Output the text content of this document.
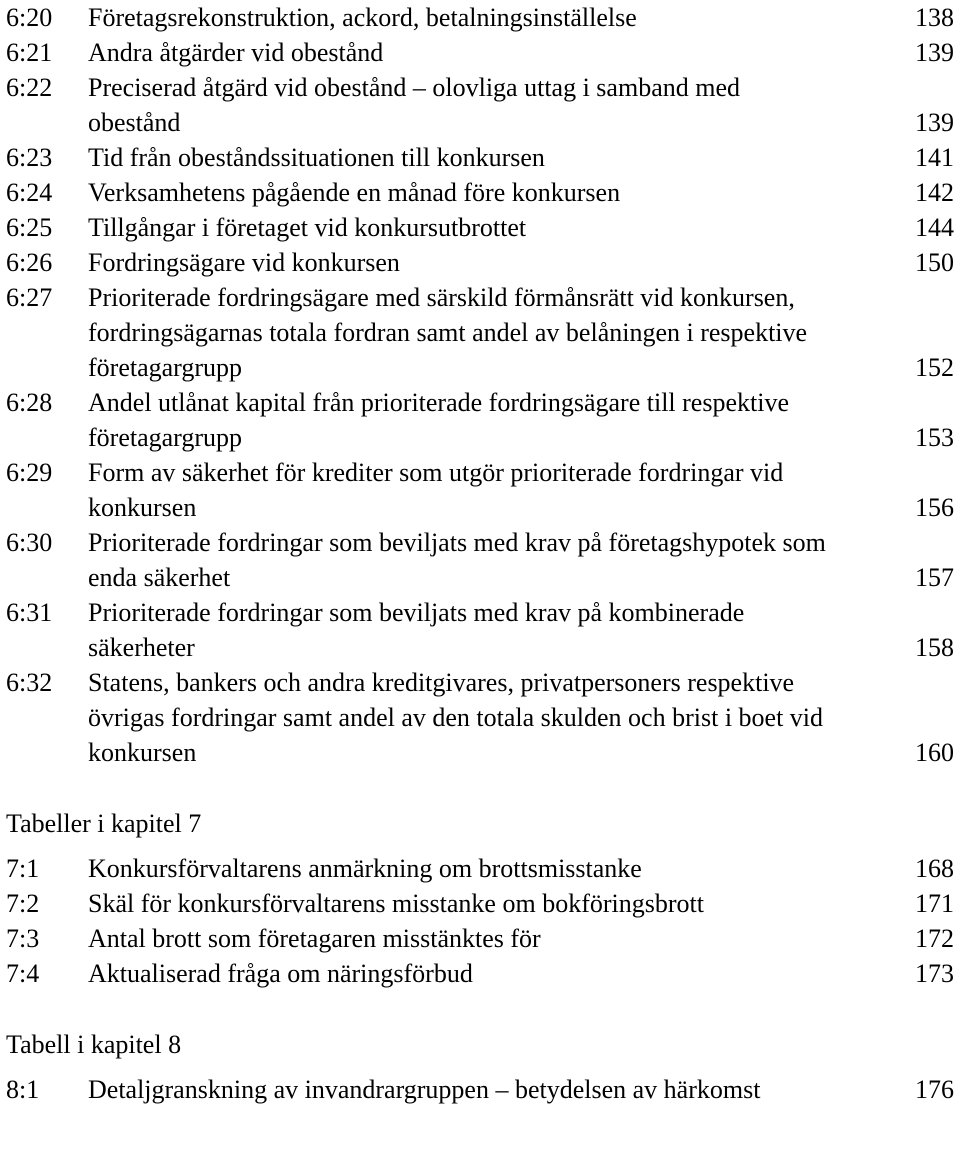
6:20	Företagsrekonstruktion, ackord, betalningsinställelse	138
6:21	Andra åtgärder vid obestånd	139
6:22	Preciserad åtgärd vid obestånd – olovliga uttag i samband med obestånd	139
6:23	Tid från obeståndssituationen till konkursen	141
6:24	Verksamhetens pågående en månad före konkursen	142
6:25	Tillgångar i företaget vid konkursutbrottet	144
6:26	Fordringsägare vid konkursen	150
6:27	Prioriterade fordringsägare med särskild förmånsrätt vid konkursen, fordringsägarnas totala fordran samt andel av belåningen i respektive företagargrupp	152
6:28	Andel utlånat kapital från prioriterade fordringsägare till respektive företagargrupp	153
6:29	Form av säkerhet för krediter som utgör prioriterade fordringar vid konkursen	156
6:30	Prioriterade fordringar som beviljats med krav på företagshypotek som enda säkerhet	157
6:31	Prioriterade fordringar som beviljats med krav på kombinerade säkerheter	158
6:32	Statens, bankers och andra kreditgivares, privatpersoners respektive övrigas fordringar samt andel av den totala skulden och brist i boet vid konkursen	160
Tabeller i kapitel 7
7:1	Konkursförvaltarens anmärkning om brottsmisstanke	168
7:2	Skäl för konkursförvaltarens misstanke om bokföringsbrott	171
7:3	Antal brott som företagaren misstänktes för	172
7:4	Aktualiserad fråga om näringsförbud	173
Tabell i kapitel 8
8:1	Detaljgranskning av invandrargruppen – betydelsen av härkomst	176
